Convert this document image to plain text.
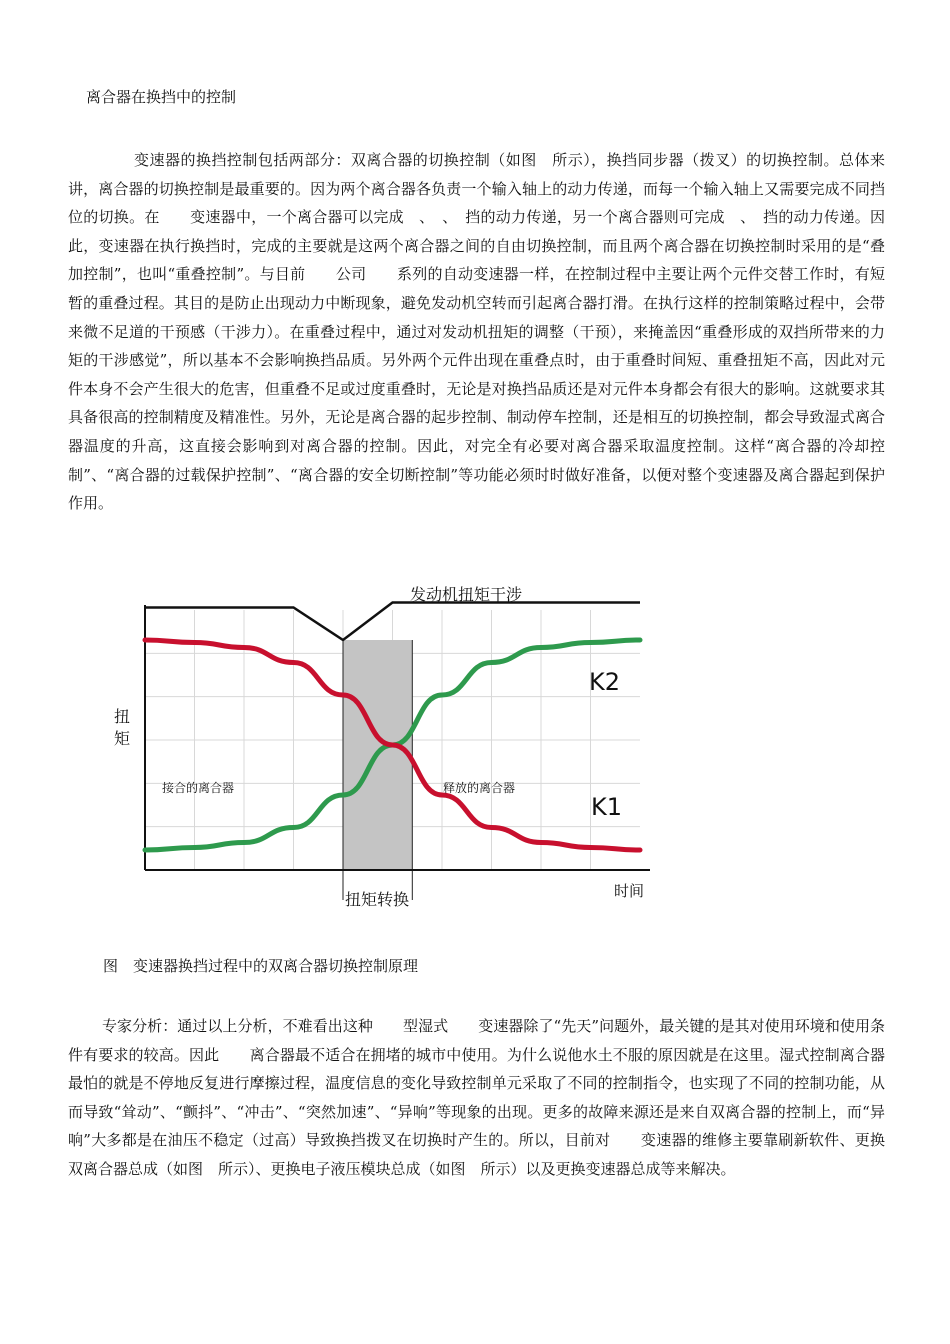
离合器在换挡中的控制
变速器的换挡控制包括两部分：双离合器的切换控制（如图　所示），换挡同步器（拨叉）的切换控制。总体来讲，离合器的切换控制是最重要的。因为两个离合器各负责一个输入轴上的动力传递，而每一个输入轴上又需要完成不同挡位的切换。在　　变速器中，一个离合器可以完成　、　、　挡的动力传递，另一个离合器则可完成　、　挡的动力传递。因此，变速器在执行换挡时，完成的主要就是这两个离合器之间的自由切换控制，而且两个离合器在切换控制时采用的是“叠加控制”，也叫“重叠控制”。与目前　　公司　　系列的自动变速器一样，在控制过程中主要让两个元件交替工作时，有短暂的重叠过程。其目的是防止出现动力中断现象，避免发动机空转而引起离合器打滑。在执行这样的控制策略过程中，会带来微不足道的干预感（干涉力）。在重叠过程中，通过对发动机扭矩的调整（干预），来掩盖因“重叠形成的双挡所带来的力矩的干涉感觉”，所以基本不会影响换挡品质。另外两个元件出现在重叠点时，由于重叠时间短、重叠扭矩不高，因此对元件本身不会产生很大的危害，但重叠不足或过度重叠时，无论是对换挡品质还是对元件本身都会有很大的影响。这就要求其具备很高的控制精度及精准性。另外，无论是离合器的起步控制、制动停车控制，还是相互的切换控制，都会导致湿式离合器温度的升高，这直接会影响到对离合器的控制。因此，对完全有必要对离合器采取温度控制。这样“离合器的冷却控制”、“离合器的过载保护控制”、“离合器的安全切断控制”等功能必须时时做好准备，以便对整个变速器及离合器起到保护作用。
发动机扭矩干涉
扭矩
接合的离合器	释放的离合器
K2
K1
时间
扭矩转换
图　变速器换挡过程中的双离合器切换控制原理
专家分析：通过以上分析，不难看出这种　　型湿式　　变速器除了“先天”问题外，最关键的是其对使用环境和使用条件有要求的较高。因此　　离合器最不适合在拥堵的城市中使用。为什么说他水土不服的原因就是在这里。湿式控制离合器最怕的就是不停地反复进行摩擦过程，温度信息的变化导致控制单元采取了不同的控制指令，也实现了不同的控制功能，从而导致“耸动”、“颤抖”、“冲击”、“突然加速”、“异响”等现象的出现。更多的故障来源还是来自双离合器的控制上，而“异响”大多都是在油压不稳定（过高）导致换挡拨叉在切换时产生的。所以，目前对　　变速器的维修主要靠刷新软件、更换双离合器总成（如图　所示）、更换电子液压模块总成（如图　所示）以及更换变速器总成等来解决。
